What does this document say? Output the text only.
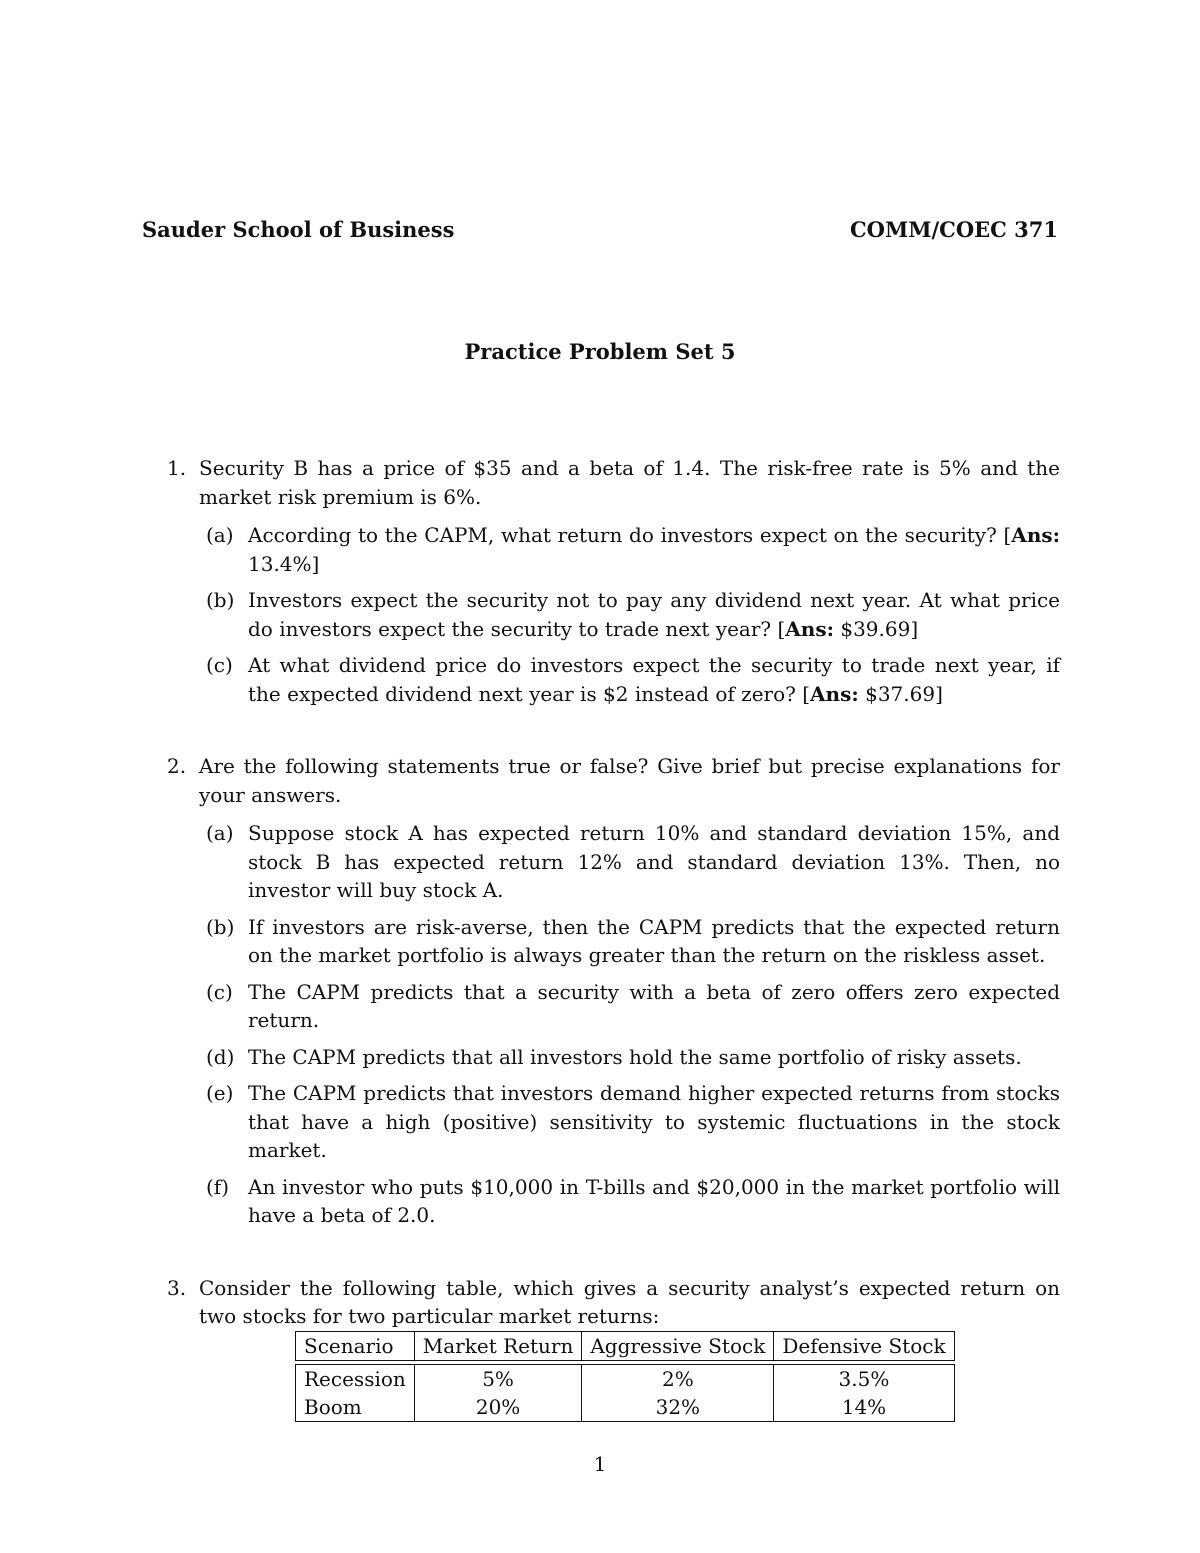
Sauder School of Business	COMM/COEC 371
Practice Problem Set 5
1. Security B has a price of $35 and a beta of 1.4. The risk-free rate is 5% and the market risk premium is 6%.
(a) According to the CAPM, what return do investors expect on the security? [Ans: 13.4%]
(b) Investors expect the security not to pay any dividend next year. At what price do investors expect the security to trade next year? [Ans: $39.69]
(c) At what dividend price do investors expect the security to trade next year, if the expected dividend next year is $2 instead of zero? [Ans: $37.69]
2. Are the following statements true or false? Give brief but precise explanations for your answers.
(a) Suppose stock A has expected return 10% and standard deviation 15%, and stock B has expected return 12% and standard deviation 13%. Then, no investor will buy stock A.
(b) If investors are risk-averse, then the CAPM predicts that the expected return on the market portfolio is always greater than the return on the riskless asset.
(c) The CAPM predicts that a security with a beta of zero offers zero expected return.
(d) The CAPM predicts that all investors hold the same portfolio of risky assets.
(e) The CAPM predicts that investors demand higher expected returns from stocks that have a high (positive) sensitivity to systemic fluctuations in the stock market.
(f) An investor who puts $10,000 in T-bills and $20,000 in the market portfolio will have a beta of 2.0.
3. Consider the following table, which gives a security analyst’s expected return on two stocks for two particular market returns:
Scenario	Market Return	Aggressive Stock	Defensive Stock

Recession	5%	2%	3.5%
Boom	20%	32%	14%
1
